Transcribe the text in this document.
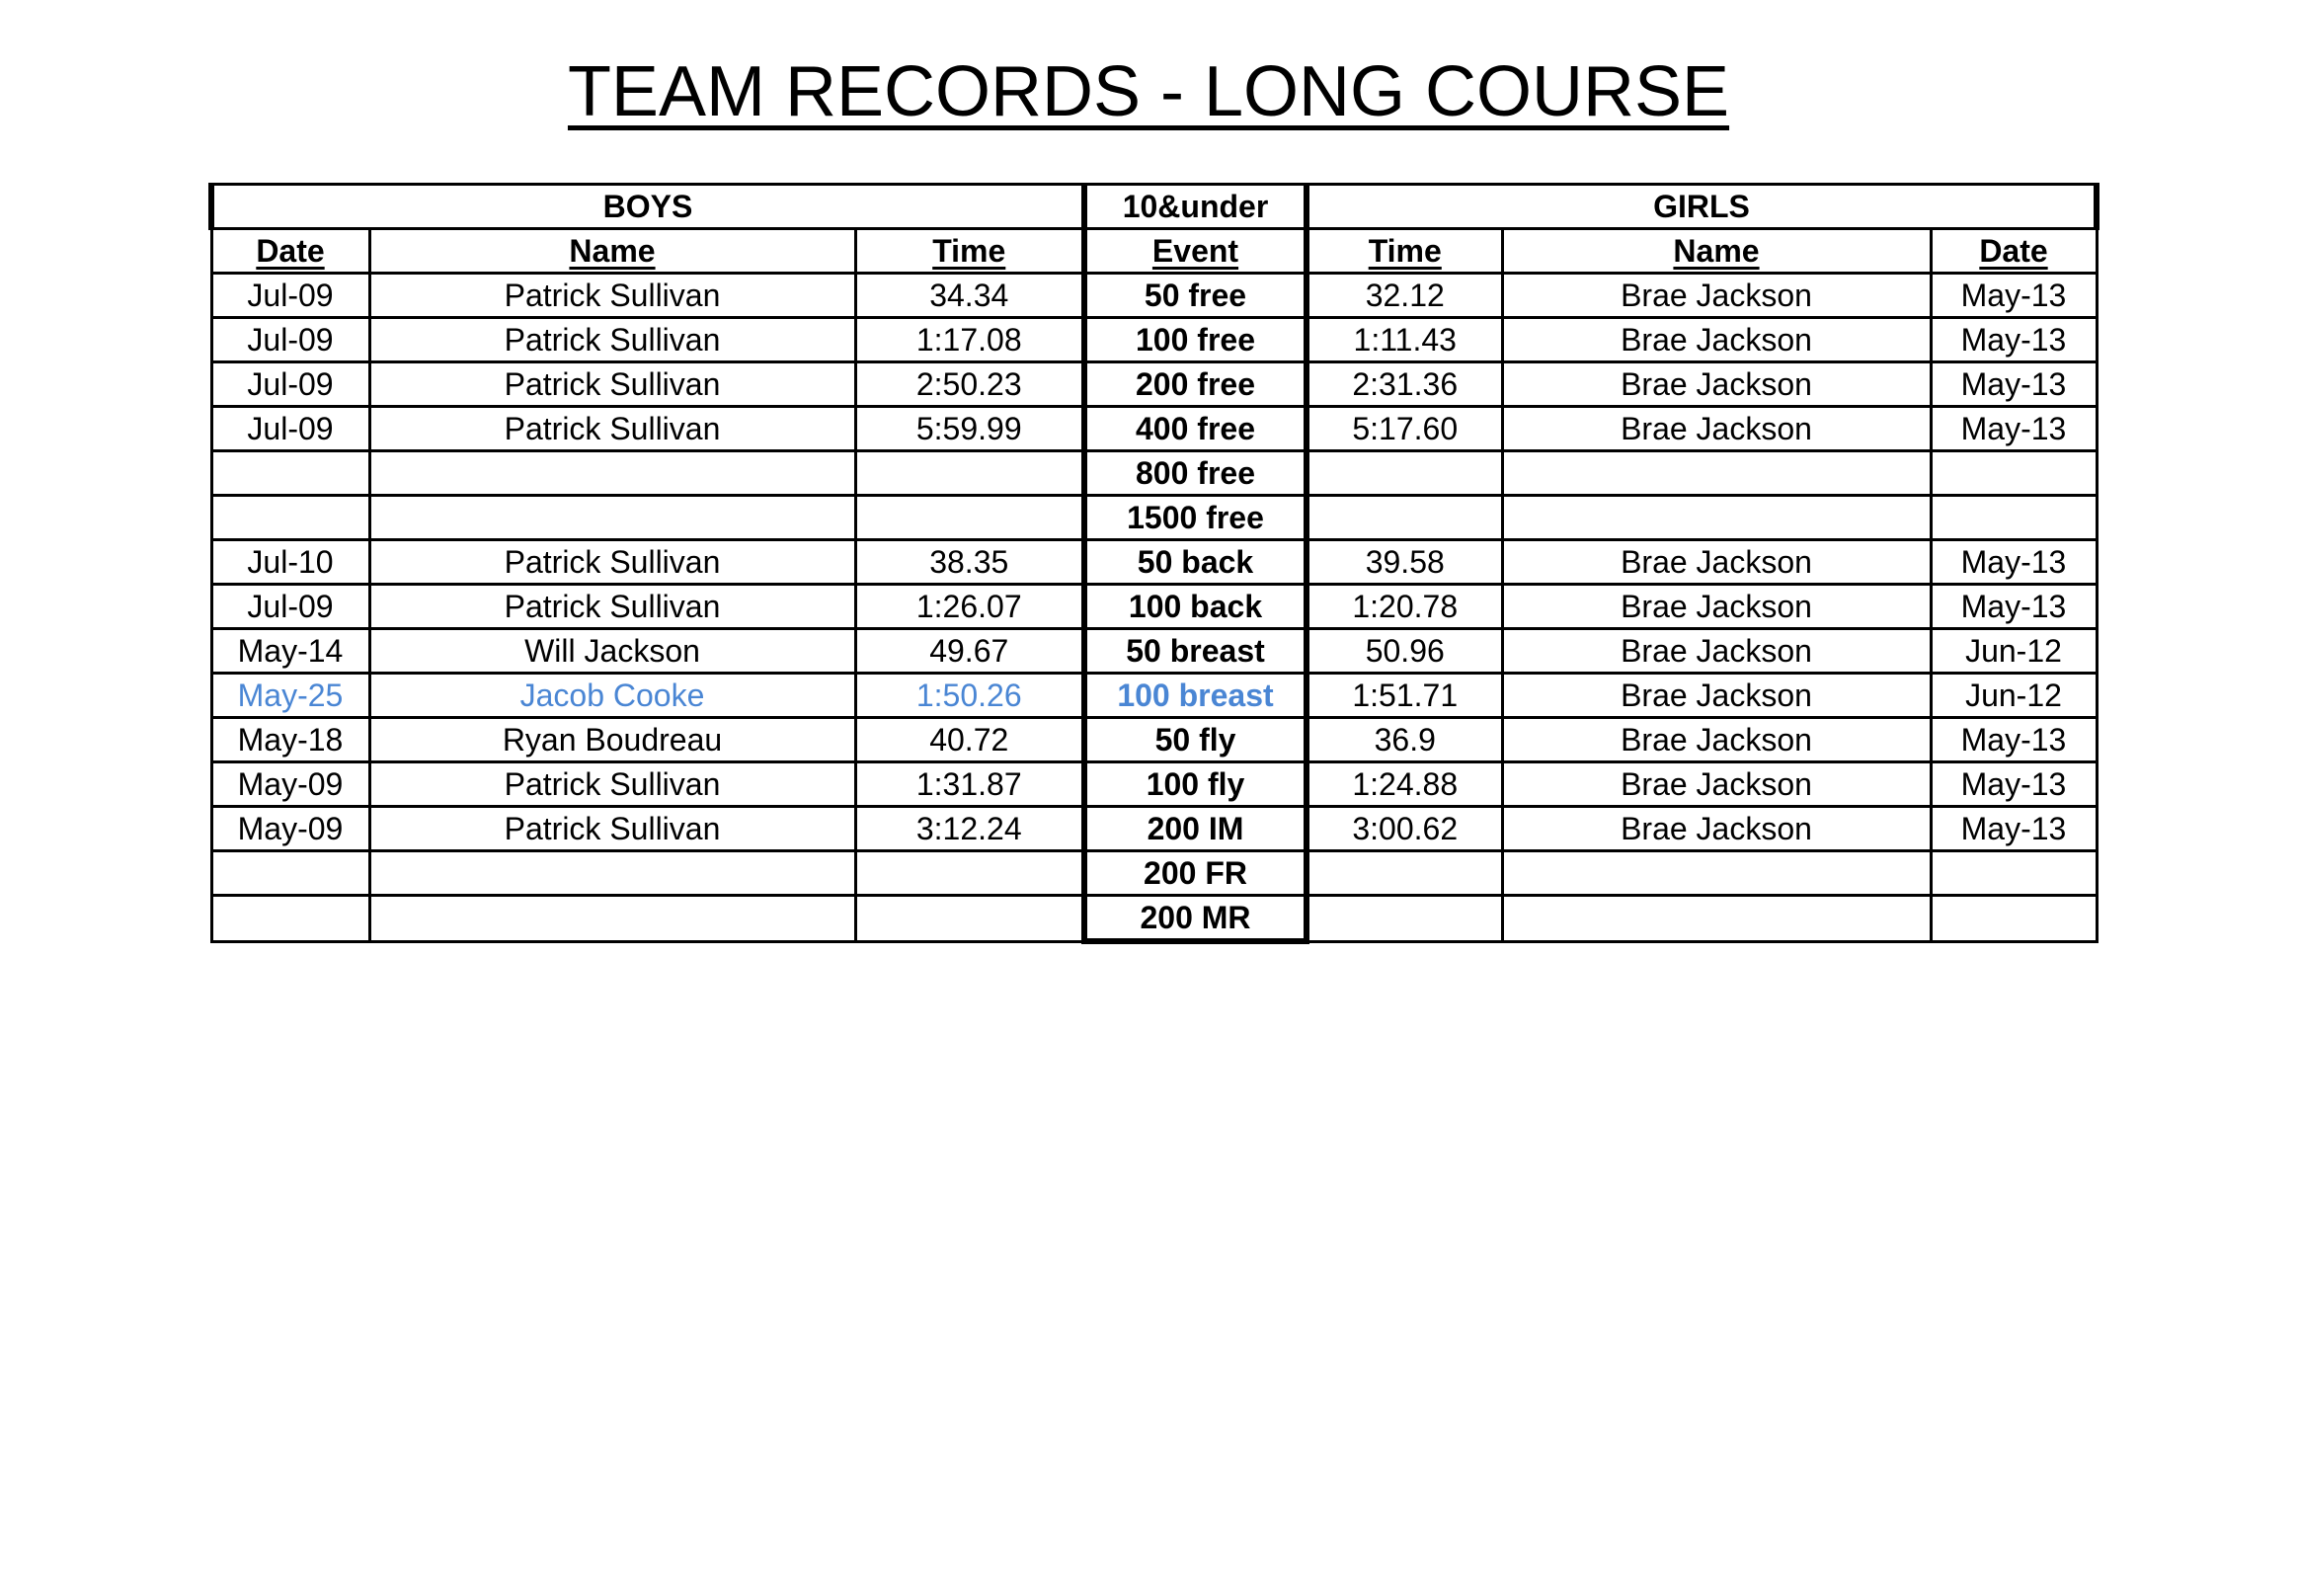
TEAM RECORDS - LONG COURSE
BOYS			10&under	GIRLS		
Date	Name	Time	Event	Time	Name	Date
Jul-09	Patrick Sullivan	34.34	50 free	32.12	Brae Jackson	May-13
Jul-09	Patrick Sullivan	1:17.08	100 free	1:11.43	Brae Jackson	May-13
Jul-09	Patrick Sullivan	2:50.23	200 free	2:31.36	Brae Jackson	May-13
Jul-09	Patrick Sullivan	5:59.99	400 free	5:17.60	Brae Jackson	May-13
			800 free			
			1500 free			
Jul-10	Patrick Sullivan	38.35	50 back	39.58	Brae Jackson	May-13
Jul-09	Patrick Sullivan	1:26.07	100 back	1:20.78	Brae Jackson	May-13
May-14	Will Jackson	49.67	50 breast	50.96	Brae Jackson	Jun-12
May-25	Jacob Cooke	1:50.26	100 breast	1:51.71	Brae Jackson	Jun-12
May-18	Ryan Boudreau	40.72	50 fly	36.9	Brae Jackson	May-13
May-09	Patrick Sullivan	1:31.87	100 fly	1:24.88	Brae Jackson	May-13
May-09	Patrick Sullivan	3:12.24	200 IM	3:00.62	Brae Jackson	May-13
			200 FR			
			200 MR			
